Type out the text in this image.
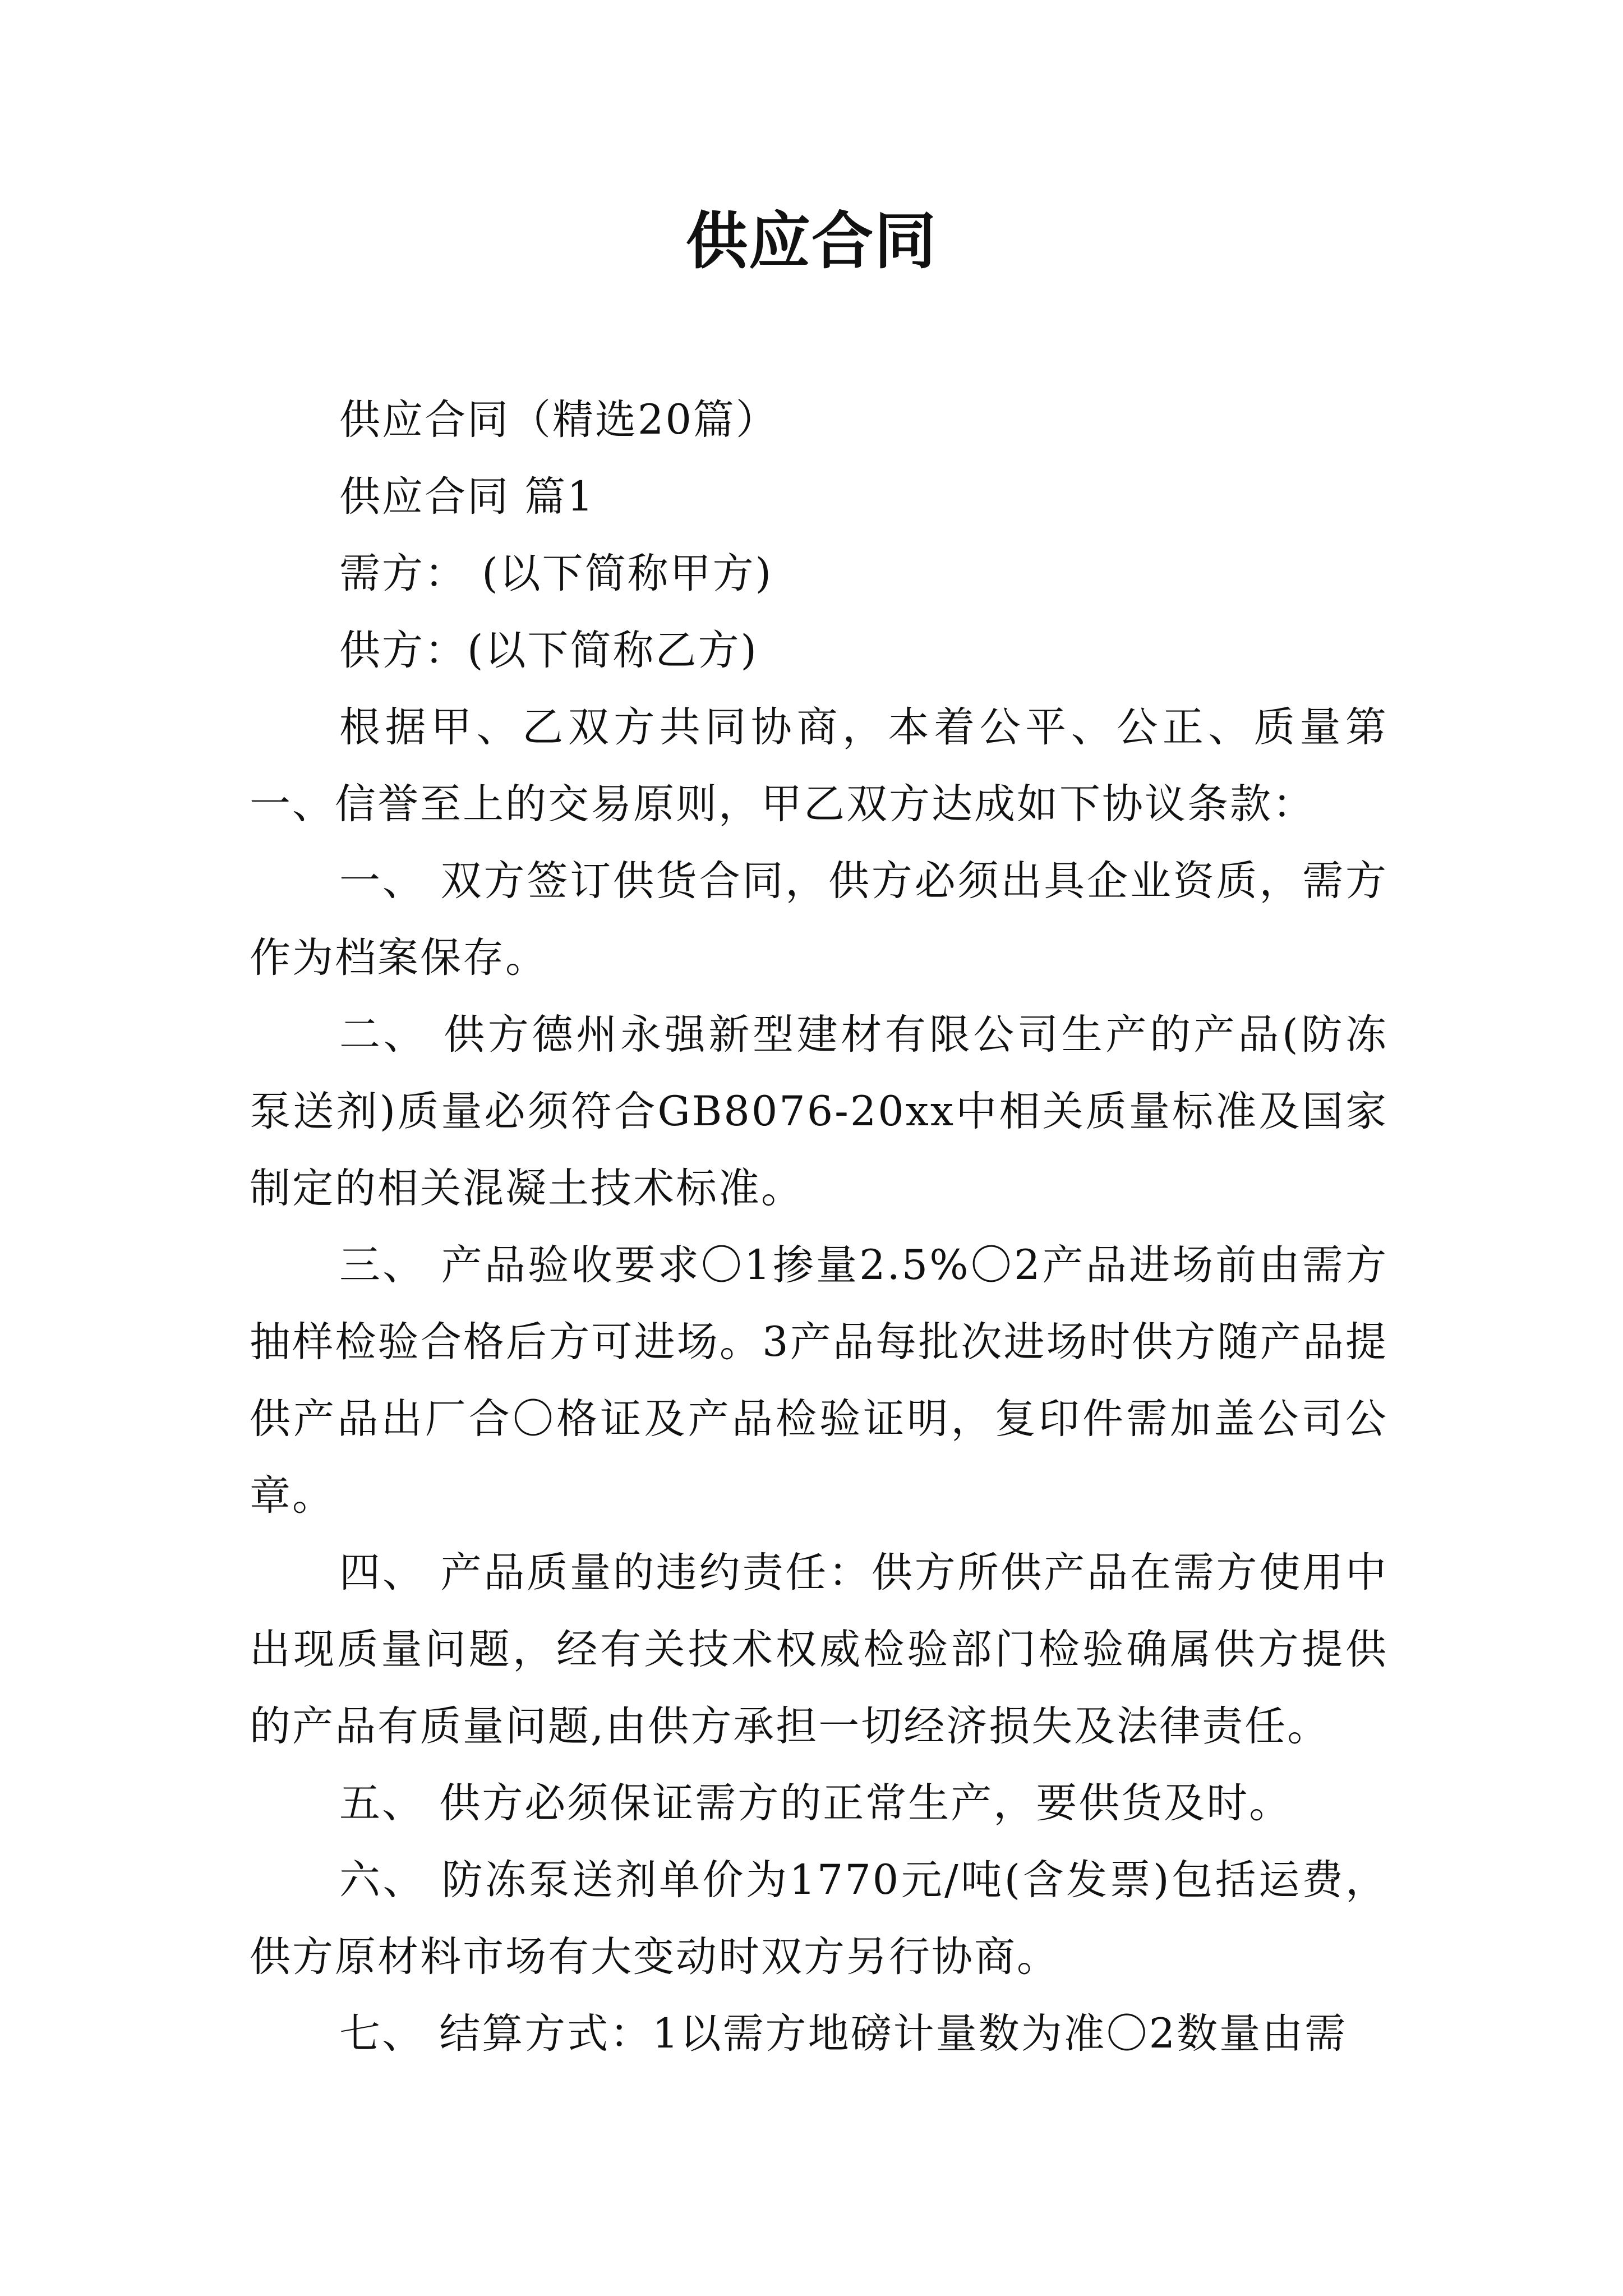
供应合同

供应合同（精选20篇）

供应合同 篇1

需方： (以下简称甲方)

供方：(以下简称乙方)

根据甲、乙双方共同协商，本着公平、公正、质量第一、信誉至上的交易原则，甲乙双方达成如下协议条款：

一、 双方签订供货合同，供方必须出具企业资质，需方作为档案保存。

二、 供方德州永强新型建材有限公司生产的产品(防冻泵送剂)质量必须符合GB8076-20xx中相关质量标准及国家制定的相关混凝土技术标准。

三、 产品验收要求〇1掺量2.5%〇2产品进场前由需方抽样检验合格后方可进场。3产品每批次进场时供方随产品提供产品出厂合〇格证及产品检验证明，复印件需加盖公司公章。

四、 产品质量的违约责任：供方所供产品在需方使用中出现质量问题，经有关技术权威检验部门检验确属供方提供的产品有质量问题,由供方承担一切经济损失及法律责任。

五、 供方必须保证需方的正常生产，要供货及时。

六、 防冻泵送剂单价为1770元/吨(含发票)包括运费，供方原材料市场有大变动时双方另行协商。

七、 结算方式：1以需方地磅计量数为准〇2数量由需
